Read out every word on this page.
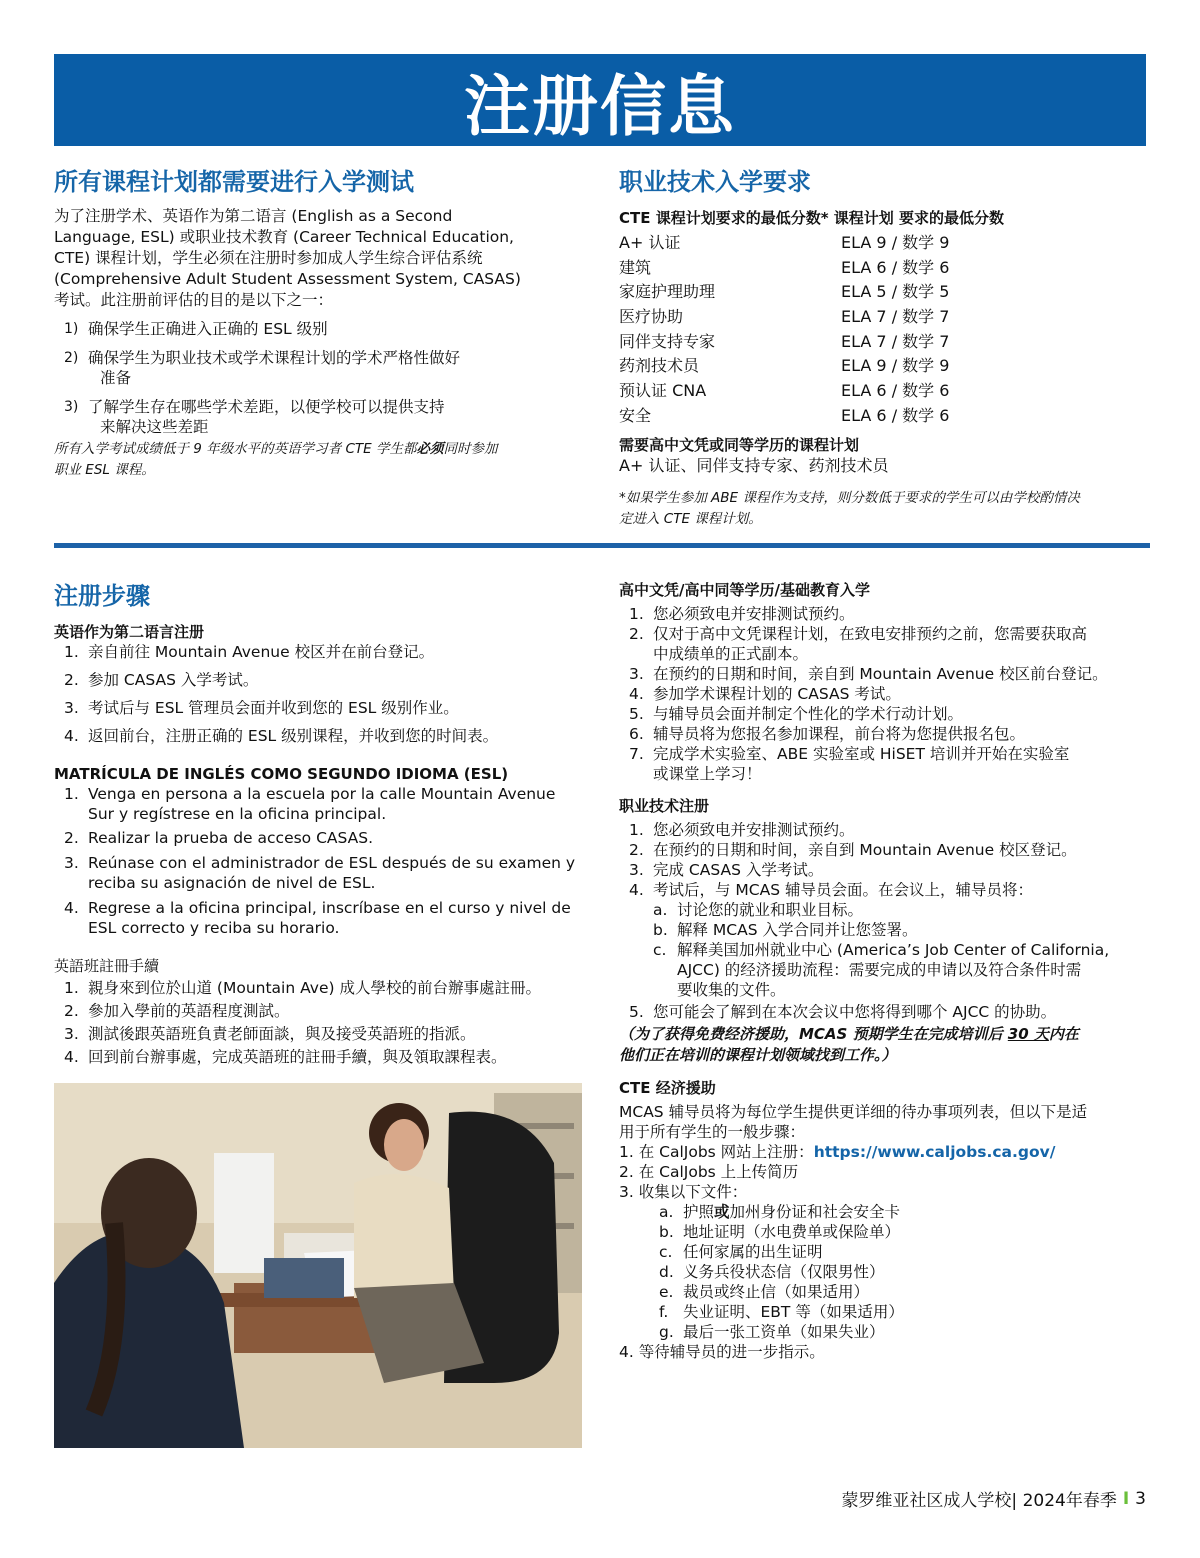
注册信息
所有课程计划都需要进行入学测试
为了注册学术、英语作为第二语言 (English as a Second
Language, ESL) 或职业技术教育 (Career Technical Education,
CTE) 课程计划，学生必须在注册时参加成人学生综合评估系统
(Comprehensive Adult Student Assessment System, CASAS)
考试。此注册前评估的目的是以下之一：
1) 确保学生正确进入正确的 ESL 级别
2) 确保学生为职业技术或学术课程计划的学术严格性做好
准备
3) 了解学生存在哪些学术差距，以便学校可以提供支持
来解决这些差距
所有入学考试成绩低于 9 年级水平的英语学习者 CTE 学生都必须同时参加
职业 ESL 课程。
职业技术入学要求
CTE 课程计划要求的最低分数* 课程计划 要求的最低分数
A+ 认证	ELA 9 / 数学 9
建筑	ELA 6 / 数学 6
家庭护理助理	ELA 5 / 数学 5
医疗协助	ELA 7 / 数学 7
同伴支持专家	ELA 7 / 数学 7
药剂技术员	ELA 9 / 数学 9
预认证 CNA	ELA 6 / 数学 6
安全	ELA 6 / 数学 6
需要高中文凭或同等学历的课程计划
A+ 认证、同伴支持专家、药剂技术员
*如果学生参加 ABE 课程作为支持，则分数低于要求的学生可以由学校酌情决
定进入 CTE 课程计划。
注册步骤
英语作为第二语言注册
1. 亲自前往 Mountain Avenue 校区并在前台登记。
2. 参加 CASAS 入学考试。
3. 考试后与 ESL 管理员会面并收到您的 ESL 级别作业。
4. 返回前台，注册正确的 ESL 级别课程，并收到您的时间表。
MATRÍCULA DE INGLÉS COMO SEGUNDO IDIOMA (ESL)
1. Venga en persona a la escuela por la calle Mountain Avenue
Sur y regístrese en la oficina principal.
2. Realizar la prueba de acceso CASAS.
3. Reúnase con el administrador de ESL después de su examen y
reciba su asignación de nivel de ESL.
4. Regrese a la oficina principal, inscríbase en el curso y nivel de
ESL correcto y reciba su horario.
英語班註冊手續
1. 親身來到位於山道 (Mountain Ave) 成人學校的前台辦事處註冊。
2. 參加入學前的英語程度測試。
3. 測試後跟英語班負責老師面談，與及接受英語班的指派。
4. 回到前台辦事處，完成英語班的註冊手續，與及領取課程表。
高中文凭/高中同等学历/基础教育入学
1. 您必须致电并安排测试预约。
2. 仅对于高中文凭课程计划，在致电安排预约之前，您需要获取高
中成绩单的正式副本。
3. 在预约的日期和时间，亲自到 Mountain Avenue 校区前台登记。
4. 参加学术课程计划的 CASAS 考试。
5. 与辅导员会面并制定个性化的学术行动计划。
6. 辅导员将为您报名参加课程，前台将为您提供报名包。
7. 完成学术实验室、ABE 实验室或 HiSET 培训并开始在实验室
或课堂上学习！
职业技术注册
1. 您必须致电并安排测试预约。
2. 在预约的日期和时间，亲自到 Mountain Avenue 校区登记。
3. 完成 CASAS 入学考试。
4. 考试后，与 MCAS 辅导员会面。在会议上，辅导员将：
a. 讨论您的就业和职业目标。
b. 解释 MCAS 入学合同并让您签署。
c. 解释美国加州就业中心 (America’s Job Center of California,
AJCC) 的经济援助流程：需要完成的申请以及符合条件时需
要收集的文件。
5. 您可能会了解到在本次会议中您将得到哪个 AJCC 的协助。
（为了获得免费经济援助，MCAS 预期学生在完成培训后 30 天内在
他们正在培训的课程计划领域找到工作。）
CTE 经济援助
MCAS 辅导员将为每位学生提供更详细的待办事项列表，但以下是适
用于所有学生的一般步骤：
1. 在 CalJobs 网站上注册：https://www.caljobs.ca.gov/
2. 在 CalJobs 上上传简历
3. 收集以下文件：
a. 护照或加州身份证和社会安全卡
b. 地址证明（水电费单或保险单）
c. 任何家属的出生证明
d. 义务兵役状态信（仅限男性）
e. 裁员或终止信（如果适用）
f. 失业证明、EBT 等（如果适用）
g. 最后一张工资单（如果失业）
4. 等待辅导员的进一步指示。
蒙罗维亚社区成人学校| 2024年春季 I 3
